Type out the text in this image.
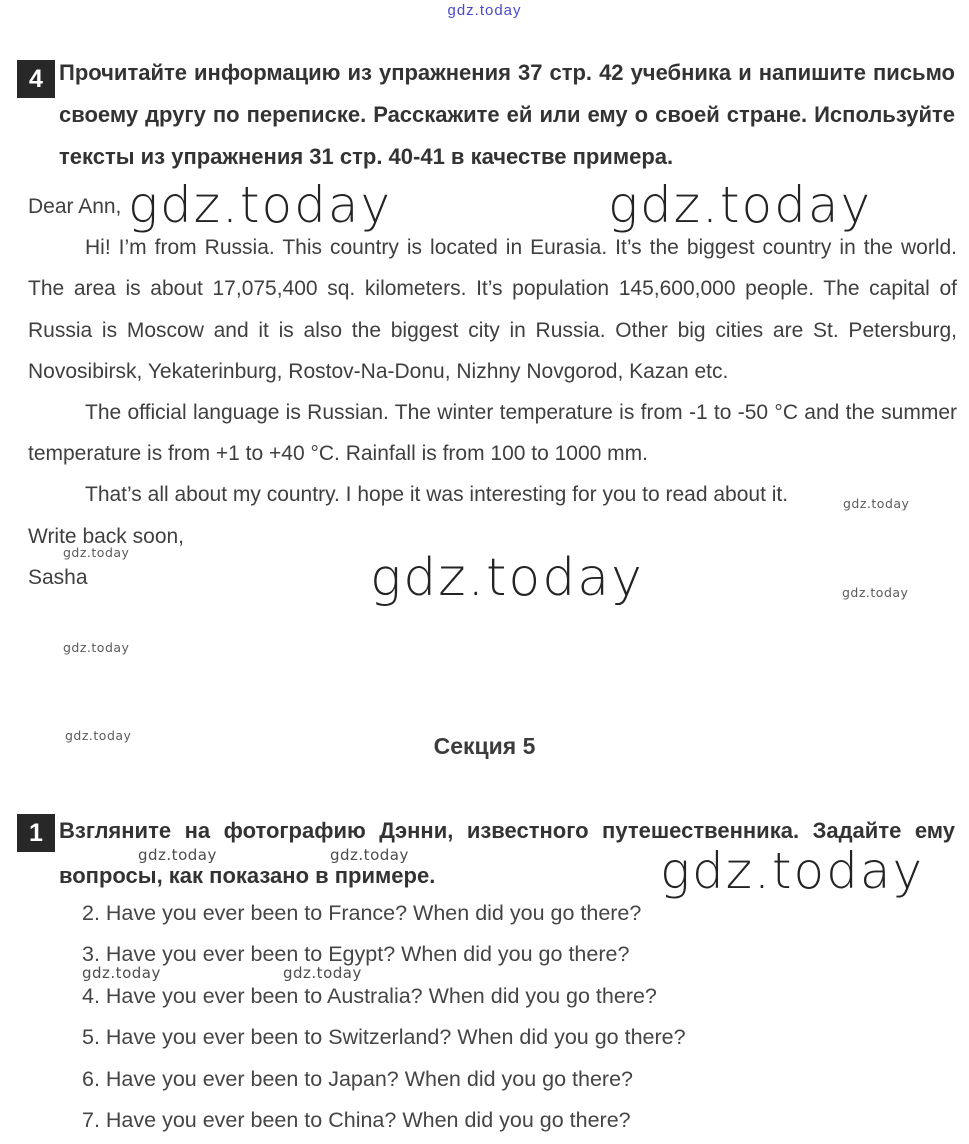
gdz.today
gdz.today	gdz.today
gdz.today
gdz.today	gdz.today	gdz.today
gdz.today
gdz.today
gdz.today	gdz.today	gdz.today
gdz.today	gdz.today
4 Прочитайте информацию из упражнения 37 стр. 42 учебника и напишите письмо своему другу по переписке. Расскажите ей или ему о своей стране. Используйте тексты из упражнения 31 стр. 40-41 в качестве примера.

Dear Ann,

Hi! I’m from Russia. This country is located in Eurasia. It’s the biggest country in the world. The area is about 17,075,400 sq. kilometers. It’s population 145,600,000 people. The capital of Russia is Moscow and it is also the biggest city in Russia. Other big cities are St. Petersburg, Novosibirsk, Yekaterinburg, Rostov-Na-Donu, Nizhny Novgorod, Kazan etc.

The official language is Russian. The winter temperature is from -1 to -50 °C and the summer temperature is from +1 to +40 °C. Rainfall is from 100 to 1000 mm.

That’s all about my country. I hope it was interesting for you to read about it.

Write back soon,

Sasha

Секция 5
1 Взгляните на фотографию Дэнни, известного путешественника. Задайте ему вопросы, как показано в примере.

2. Have you ever been to France? When did you go there?

3. Have you ever been to Egypt? When did you go there?

4. Have you ever been to Australia? When did you go there?

5. Have you ever been to Switzerland? When did you go there?

6. Have you ever been to Japan? When did you go there?

7. Have you ever been to China? When did you go there?
